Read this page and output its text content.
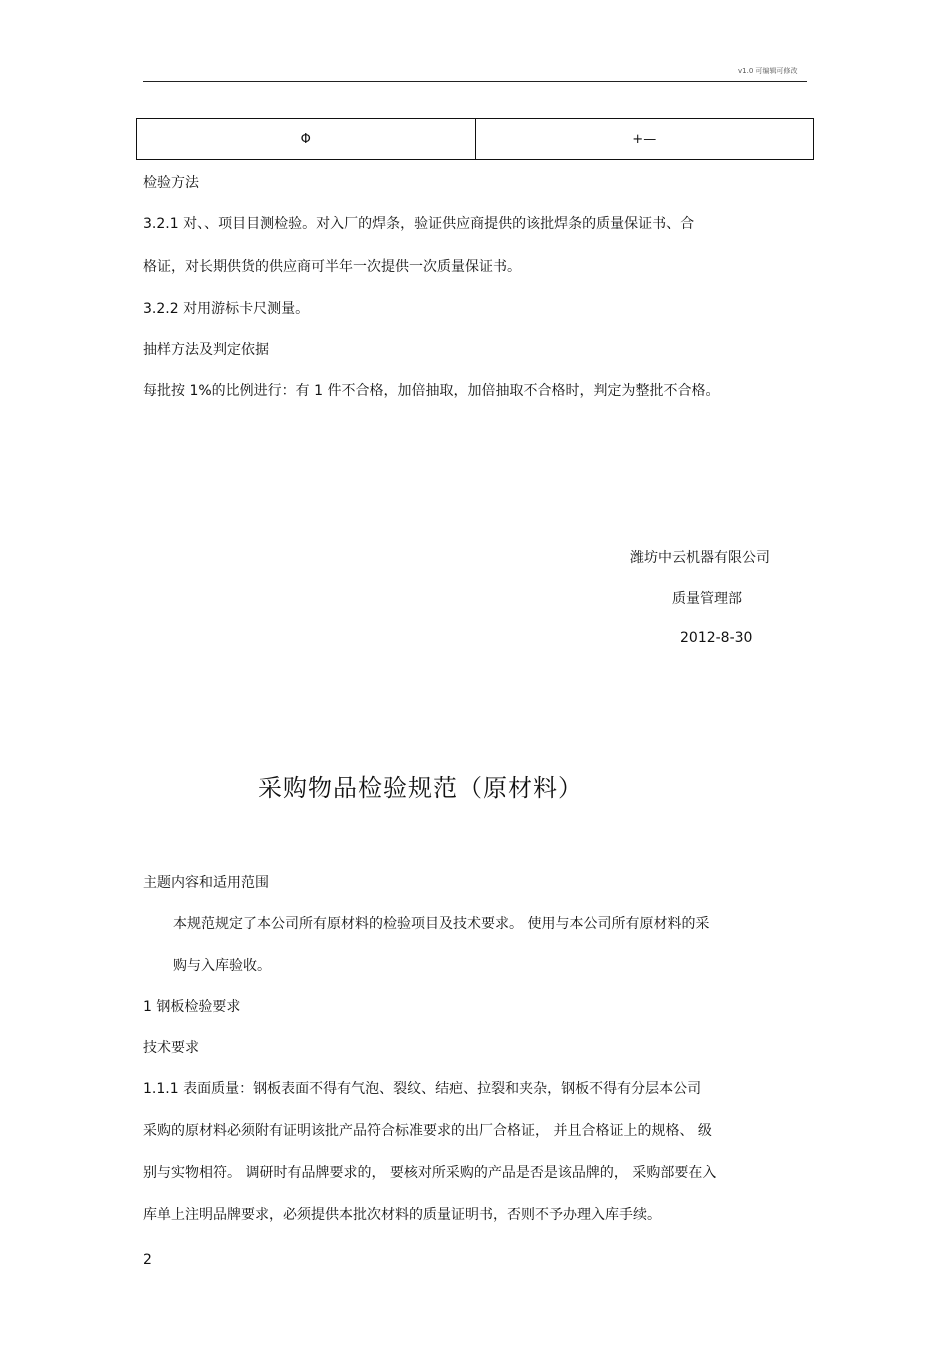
v1.0 可编辑可修改
Φ	+—
检验方法
3.2.1 对、、项目目测检验。对入厂的焊条，验证供应商提供的该批焊条的质量保证书、合
格证，对长期供货的供应商可半年一次提供一次质量保证书。
3.2.2 对用游标卡尺测量。
抽样方法及判定依据
每批按 1%的比例进行：有 1 件不合格，加倍抽取，加倍抽取不合格时，判定为整批不合格。
潍坊中云机器有限公司
质量管理部
2012-8-30
采购物品检验规范（原材料）
主题内容和适用范围
本规范规定了本公司所有原材料的检验项目及技术要求。 使用与本公司所有原材料的采
购与入库验收。
1 钢板检验要求
技术要求
1.1.1 表面质量：钢板表面不得有气泡、裂纹、结疤、拉裂和夹杂，钢板不得有分层本公司
采购的原材料必须附有证明该批产品符合标准要求的出厂合格证， 并且合格证上的规格、 级
别与实物相符。 调研时有品牌要求的， 要核对所采购的产品是否是该品牌的， 采购部要在入
库单上注明品牌要求，必须提供本批次材料的质量证明书，否则不予办理入库手续。
2
